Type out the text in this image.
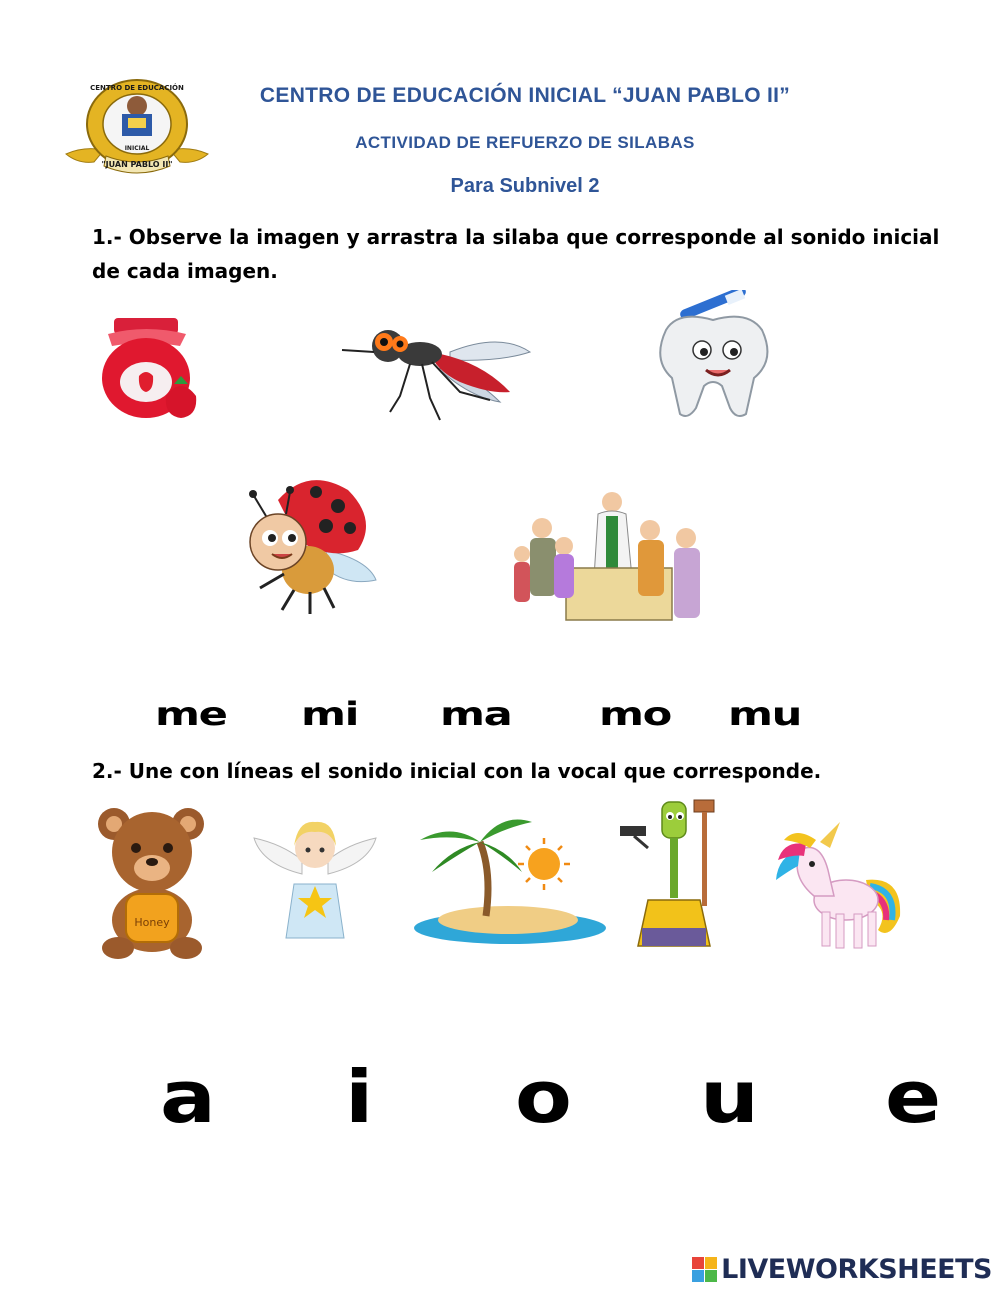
"JUAN PABLO II"
INICIAL
CENTRO DE EDUCACIÓN	CENTRO DE EDUCACIÓN INICIAL “JUAN PABLO II”
ACTIVIDAD DE REFUERZO DE SILABAS
Para Subnivel 2
1.- Observe la imagen y arrastra la silaba que corresponde al sonido inicial de cada imagen.
me mi	ma	mo mu
2.- Une con líneas el sonido inicial con la vocal que corresponde.
Honey
a i o u e
LIVEWORKSHEETS
